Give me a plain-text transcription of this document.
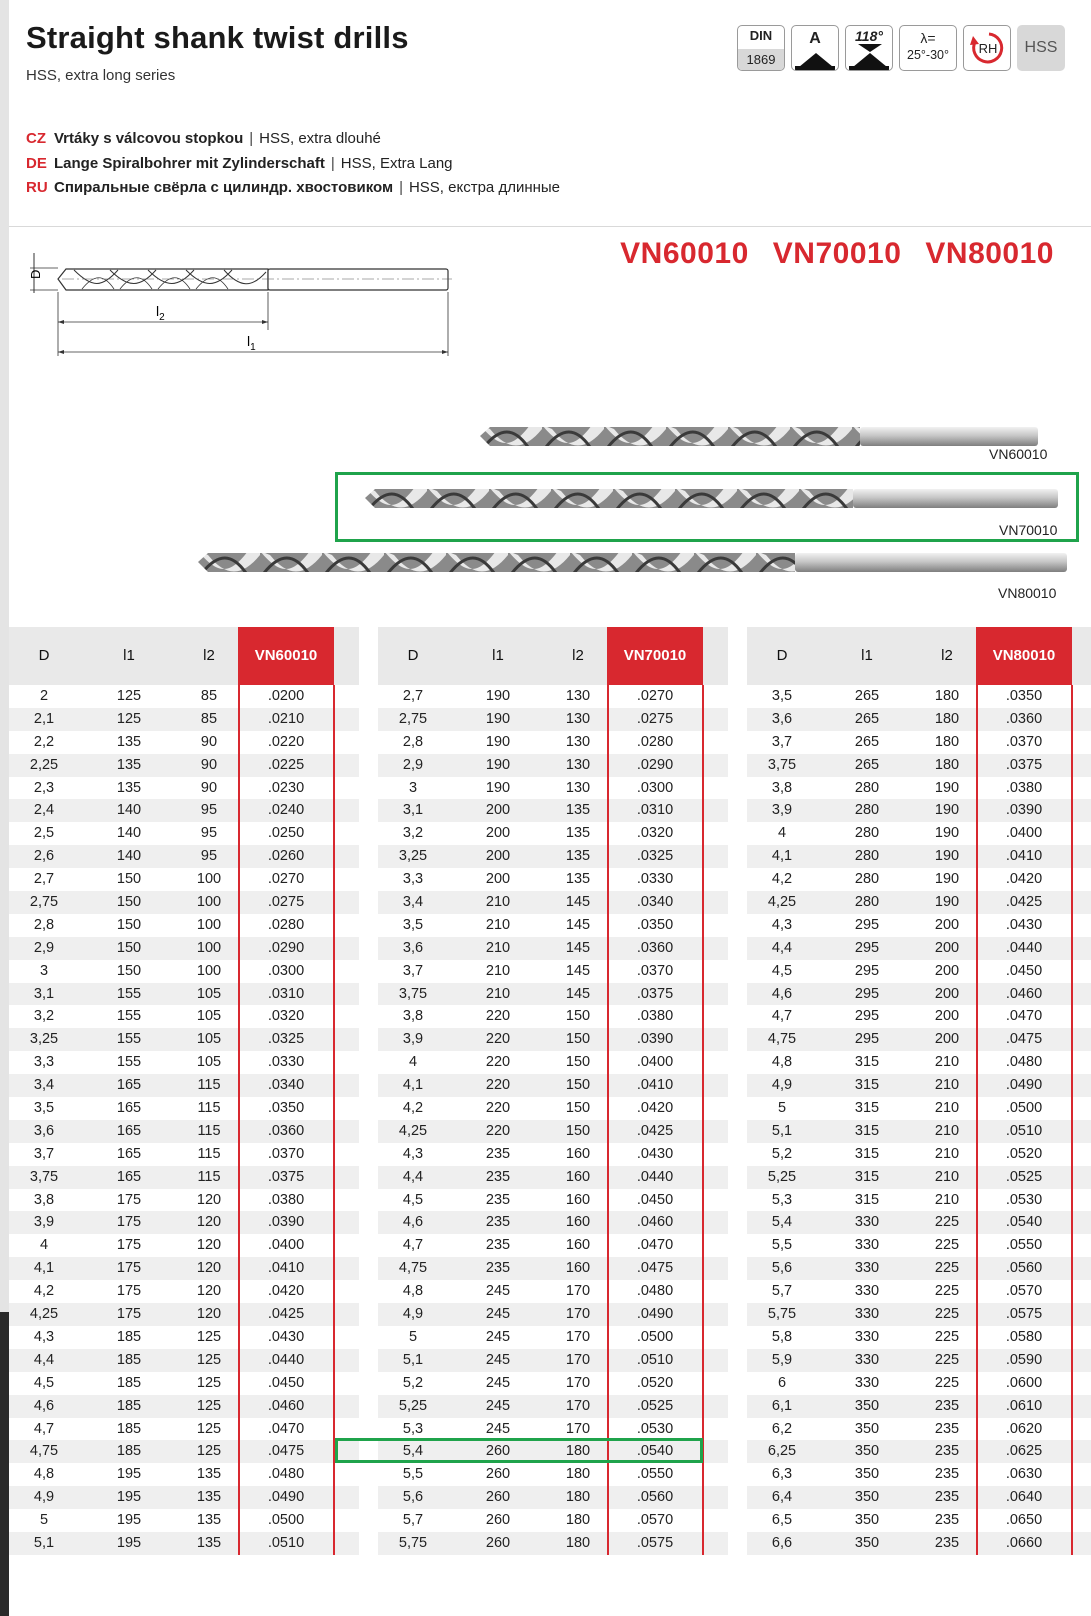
Straight shank twist drills
HSS, extra long series
DIN
1869
A	118°	λ=
25°-30°	RH	HSS
CZ Vrtáky s válcovou stopkou | HSS, extra dlouhé
DE Lange Spiralbohrer mit Zylinderschaft | HSS, Extra Lang
RU Спиральные свёрла с цилиндр. хвостовиком | HSS, екстра длинные
VN60010 VN70010 VN80010
D
$l_2$
$l_1$
VN60010
VN70010
VN80010
D	l1	l2	VN60010
2	125	85	.0200
2,1	125	85	.0210
2,2	135	90	.0220
2,25	135	90	.0225
2,3	135	90	.0230
2,4	140	95	.0240
2,5	140	95	.0250
2,6	140	95	.0260
2,7	150	100	.0270
2,75	150	100	.0275
2,8	150	100	.0280
2,9	150	100	.0290
3	150	100	.0300
3,1	155	105	.0310
3,2	155	105	.0320
3,25	155	105	.0325
3,3	155	105	.0330
3,4	165	115	.0340
3,5	165	115	.0350
3,6	165	115	.0360
3,7	165	115	.0370
3,75	165	115	.0375
3,8	175	120	.0380
3,9	175	120	.0390
4	175	120	.0400
4,1	175	120	.0410
4,2	175	120	.0420
4,25	175	120	.0425
4,3	185	125	.0430
4,4	185	125	.0440
4,5	185	125	.0450
4,6	185	125	.0460
4,7	185	125	.0470
4,75	185	125	.0475
4,8	195	135	.0480
4,9	195	135	.0490
5	195	135	.0500
5,1	195	135	.0510
D	l1	l2	VN70010
2,7	190	130	.0270
2,75	190	130	.0275
2,8	190	130	.0280
2,9	190	130	.0290
3	190	130	.0300
3,1	200	135	.0310
3,2	200	135	.0320
3,25	200	135	.0325
3,3	200	135	.0330
3,4	210	145	.0340
3,5	210	145	.0350
3,6	210	145	.0360
3,7	210	145	.0370
3,75	210	145	.0375
3,8	220	150	.0380
3,9	220	150	.0390
4	220	150	.0400
4,1	220	150	.0410
4,2	220	150	.0420
4,25	220	150	.0425
4,3	235	160	.0430
4,4	235	160	.0440
4,5	235	160	.0450
4,6	235	160	.0460
4,7	235	160	.0470
4,75	235	160	.0475
4,8	245	170	.0480
4,9	245	170	.0490
5	245	170	.0500
5,1	245	170	.0510
5,2	245	170	.0520
5,25	245	170	.0525
5,3	245	170	.0530
5,4	260	180	.0540
5,5	260	180	.0550
5,6	260	180	.0560
5,7	260	180	.0570
5,75	260	180	.0575
D	l1	l2	VN80010
3,5	265	180	.0350
3,6	265	180	.0360
3,7	265	180	.0370
3,75	265	180	.0375
3,8	280	190	.0380
3,9	280	190	.0390
4	280	190	.0400
4,1	280	190	.0410
4,2	280	190	.0420
4,25	280	190	.0425
4,3	295	200	.0430
4,4	295	200	.0440
4,5	295	200	.0450
4,6	295	200	.0460
4,7	295	200	.0470
4,75	295	200	.0475
4,8	315	210	.0480
4,9	315	210	.0490
5	315	210	.0500
5,1	315	210	.0510
5,2	315	210	.0520
5,25	315	210	.0525
5,3	315	210	.0530
5,4	330	225	.0540
5,5	330	225	.0550
5,6	330	225	.0560
5,7	330	225	.0570
5,75	330	225	.0575
5,8	330	225	.0580
5,9	330	225	.0590
6	330	225	.0600
6,1	350	235	.0610
6,2	350	235	.0620
6,25	350	235	.0625
6,3	350	235	.0630
6,4	350	235	.0640
6,5	350	235	.0650
6,6	350	235	.0660
